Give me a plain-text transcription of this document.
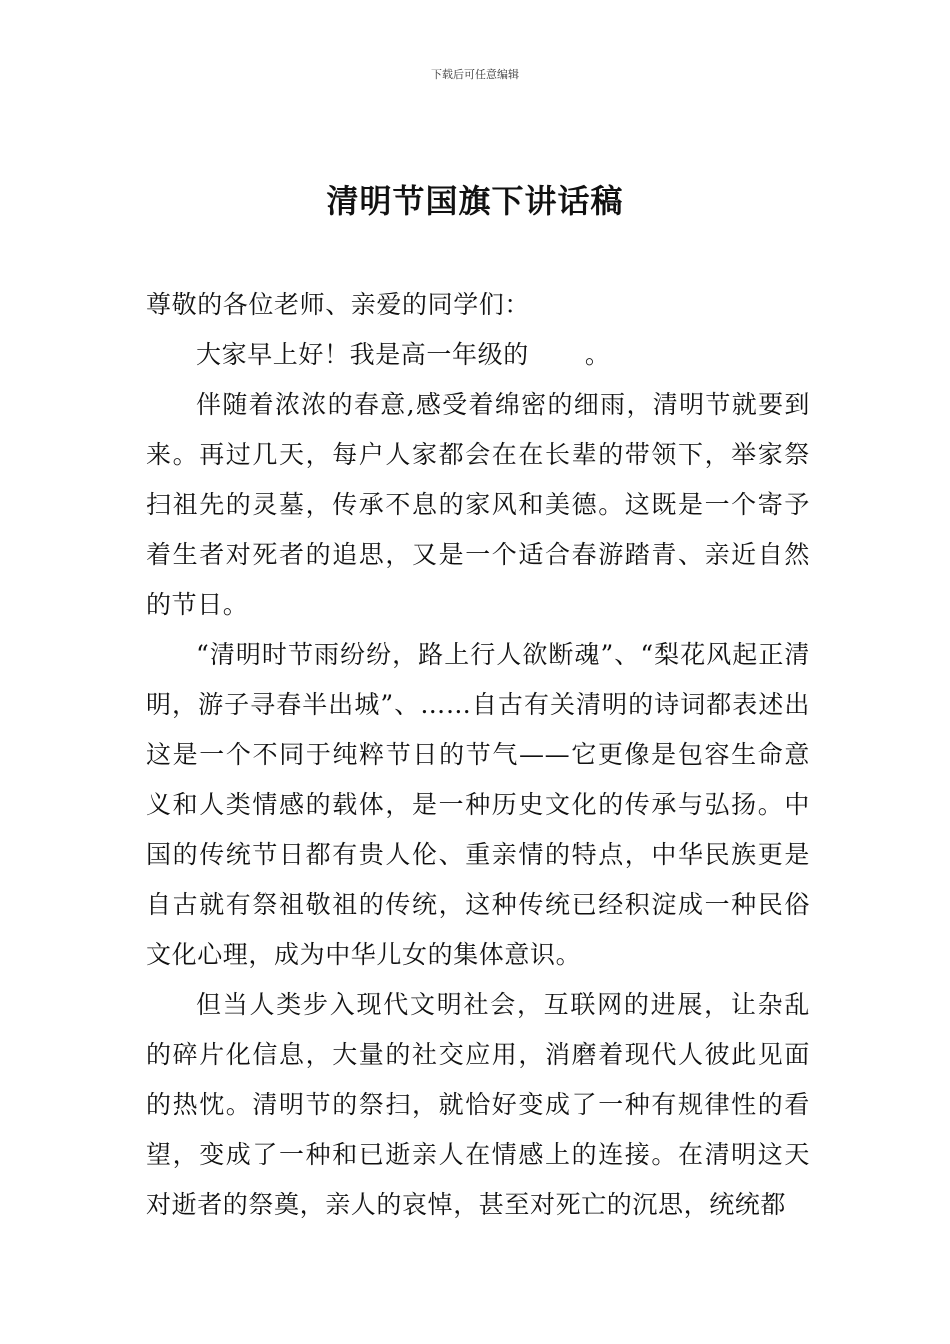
下载后可任意编辑
清明节国旗下讲话稿

尊敬的各位老师、亲爱的同学们：

大家早上好！我是高一年级的 。

伴随着浓浓的春意,感受着绵密的细雨，清明节就要到来。再过几天，每户人家都会在在长辈的带领下，举家祭扫祖先的灵墓，传承不息的家风和美德。这既是一个寄予着生者对死者的追思，又是一个适合春游踏青、亲近自然的节日。

“清明时节雨纷纷，路上行人欲断魂”、“梨花风起正清明，游子寻春半出城”、……自古有关清明的诗词都表述出这是一个不同于纯粹节日的节气——它更像是包容生命意义和人类情感的载体，是一种历史文化的传承与弘扬。中国的传统节日都有贵人伦、重亲情的特点，中华民族更是自古就有祭祖敬祖的传统，这种传统已经积淀成一种民俗文化心理，成为中华儿女的集体意识。

但当人类步入现代文明社会，互联网的进展，让杂乱的碎片化信息，大量的社交应用，消磨着现代人彼此见面的热忱。清明节的祭扫，就恰好变成了一种有规律性的看望，变成了一种和已逝亲人在情感上的连接。在清明这天对逝者的祭奠，亲人的哀悼，甚至对死亡的沉思，统统都
